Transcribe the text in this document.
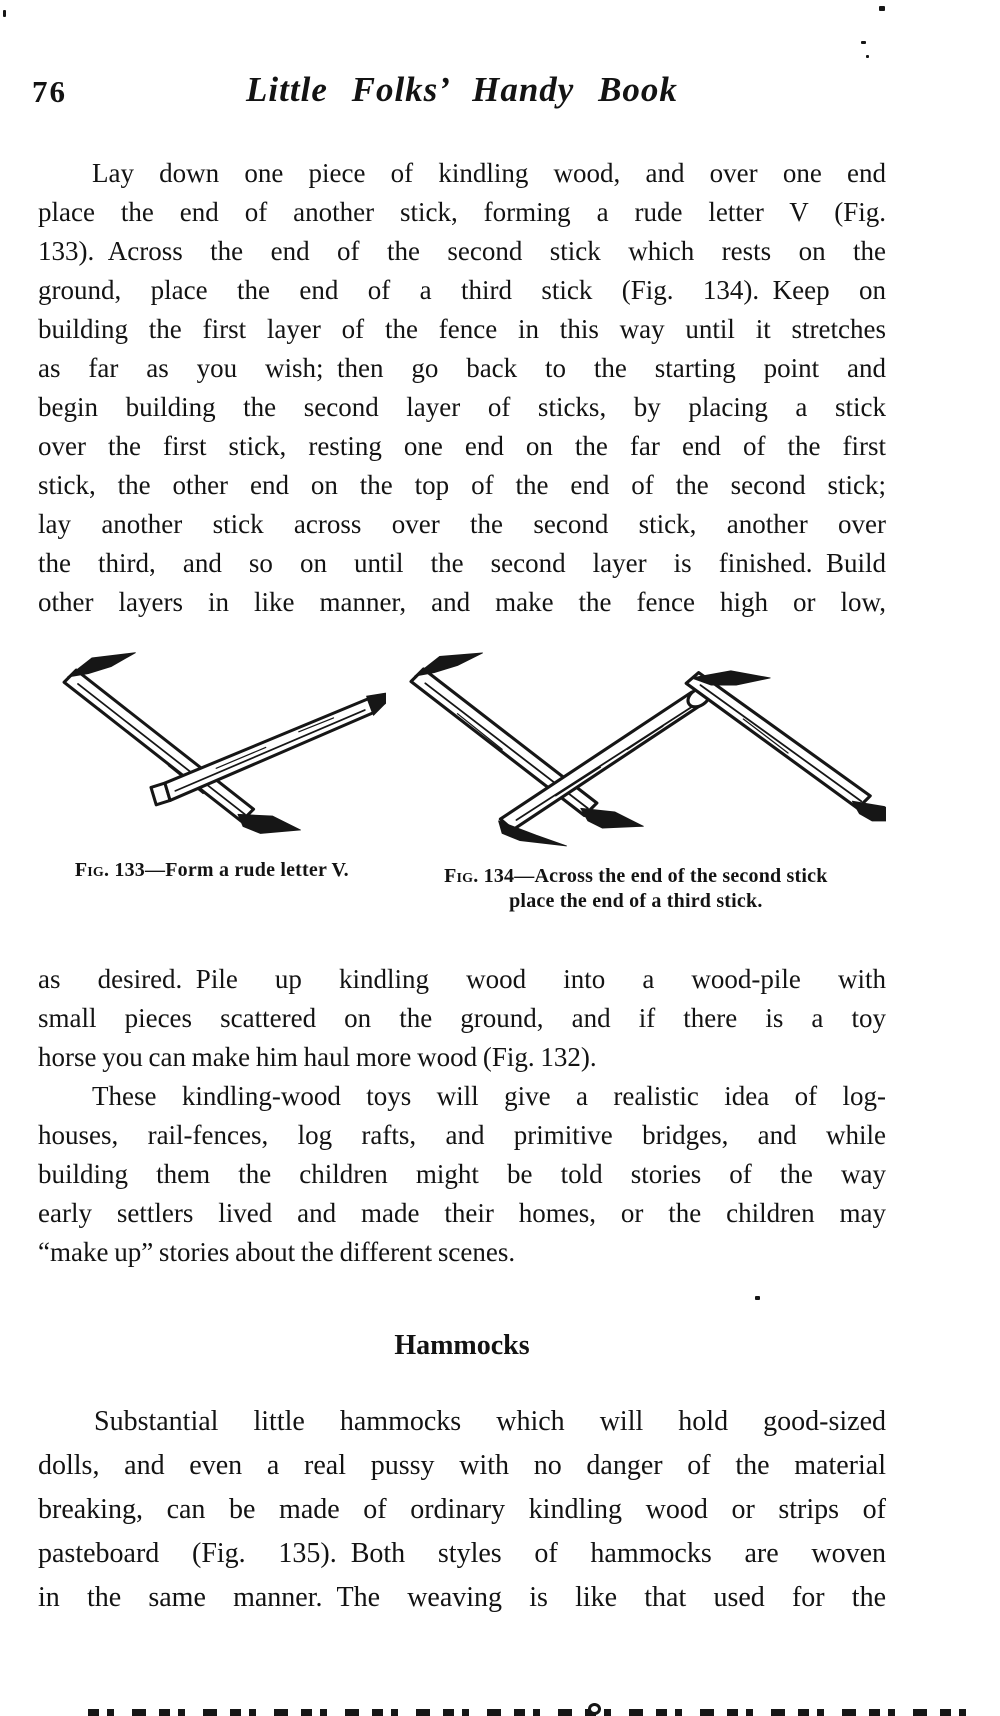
76	Little Folks’ Handy Book
Lay down one piece of kindling wood, and over one end
place the end of another stick, forming a rude letter V (Fig.
133). Across the end of the second stick which rests on the
ground, place the end of a third stick (Fig. 134). Keep on
building the first layer of the fence in this way until it stretches
as far as you wish; then go back to the starting point and
begin building the second layer of sticks, by placing a stick
over the first stick, resting one end on the far end of the first
stick, the other end on the top of the end of the second stick;
lay another stick across over the second stick, another over
the third, and so on until the second layer is finished. Build
other layers in like manner, and make the fence high or low,
Fig. 133—Form a rude letter V.	Fig. 134—Across the end of the second stick
place the end of a third stick.
as desired. Pile up kindling wood into a wood-pile with
small pieces scattered on the ground, and if there is a toy
horse you can make him haul more wood (Fig. 132).
These kindling-wood toys will give a realistic idea of log-
houses, rail-fences, log rafts, and primitive bridges, and while
building them the children might be told stories of the way
early settlers lived and made their homes, or the children may
“make up” stories about the different scenes.
Hammocks
Substantial little hammocks which will hold good-sized
dolls, and even a real pussy with no danger of the material
breaking, can be made of ordinary kindling wood or strips of
pasteboard (Fig. 135). Both styles of hammocks are woven
in the same manner. The weaving is like that used for the
